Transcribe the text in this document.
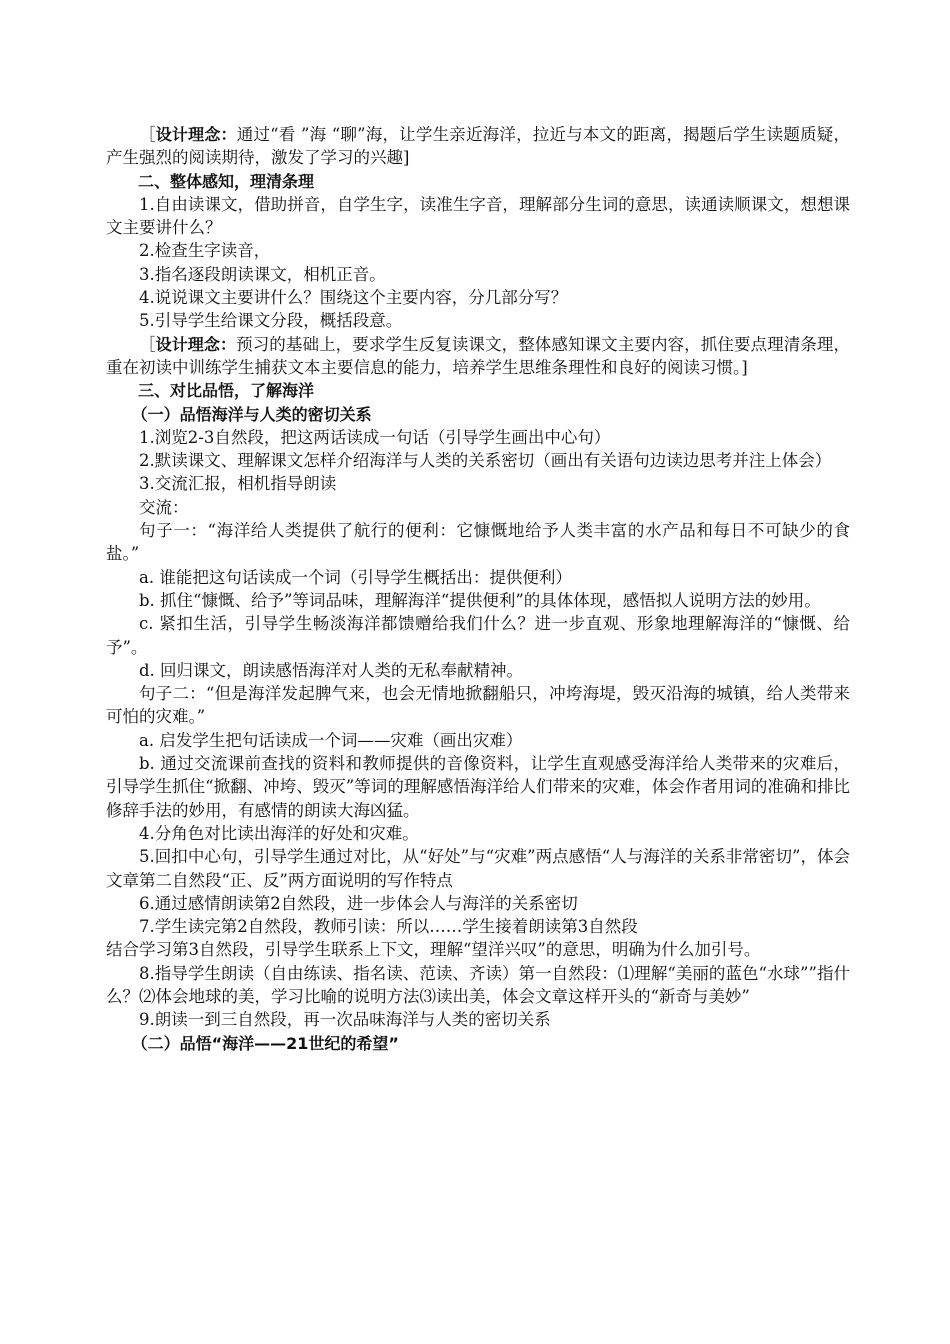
［设计理念：通过“看 ”海 “聊”海，让学生亲近海洋，拉近与本文的距离，揭题后学生读题质疑，产生强烈的阅读期待，激发了学习的兴趣]

二、整体感知，理清条理

1.自由读课文，借助拼音，自学生字，读准生字音，理解部分生词的意思，读通读顺课文，想想课文主要讲什么？

2.检查生字读音，

3.指名逐段朗读课文，相机正音。

4.说说课文主要讲什么？围绕这个主要内容，分几部分写？

5.引导学生给课文分段，概括段意。

［设计理念：预习的基础上，要求学生反复读课文，整体感知课文主要内容，抓住要点理清条理，重在初读中训练学生捕获文本主要信息的能力，培养学生思维条理性和良好的阅读习惯。]

三、对比品悟，了解海洋

（一）品悟海洋与人类的密切关系

1.浏览2-3自然段，把这两话读成一句话（引导学生画出中心句）

2.默读课文、理解课文怎样介绍海洋与人类的关系密切（画出有关语句边读边思考并注上体会）

3.交流汇报，相机指导朗读

交流：

句子一：“海洋给人类提供了航行的便利：它慷慨地给予人类丰富的水产品和每日不可缺少的食盐。”

a. 谁能把这句话读成一个词（引导学生概括出：提供便利）

b. 抓住“慷慨、给予”等词品味，理解海洋“提供便利”的具体体现，感悟拟人说明方法的妙用。

c. 紧扣生活，引导学生畅淡海洋都馈赠给我们什么？进一步直观、形象地理解海洋的“慷慨、给予”。

d. 回归课文，朗读感悟海洋对人类的无私奉献精神。

句子二：“但是海洋发起脾气来，也会无情地掀翻船只，冲垮海堤，毁灭沿海的城镇，给人类带来可怕的灾难。”

a. 启发学生把句话读成一个词——灾难（画出灾难）

b. 通过交流课前查找的资料和教师提供的音像资料，让学生直观感受海洋给人类带来的灾难后，引导学生抓住“掀翻、冲垮、毁灭”等词的理解感悟海洋给人们带来的灾难，体会作者用词的准确和排比修辞手法的妙用，有感情的朗读大海凶猛。

4.分角色对比读出海洋的好处和灾难。

5.回扣中心句，引导学生通过对比，从“好处”与“灾难”两点感悟“人与海洋的关系非常密切”，体会文章第二自然段“正、反”两方面说明的写作特点

6.通过感情朗读第2自然段，进一步体会人与海洋的关系密切

7.学生读完第2自然段，教师引读：所以……学生接着朗读第3自然段

结合学习第3自然段，引导学生联系上下文，理解“望洋兴叹”的意思，明确为什么加引号。

8.指导学生朗读（自由练读、指名读、范读、齐读）第一自然段：⑴理解“美丽的蓝色“水球””指什么？⑵体会地球的美，学习比喻的说明方法⑶读出美，体会文章这样开头的“新奇与美妙”

9.朗读一到三自然段，再一次品味海洋与人类的密切关系

（二）品悟“海洋——21世纪的希望”
